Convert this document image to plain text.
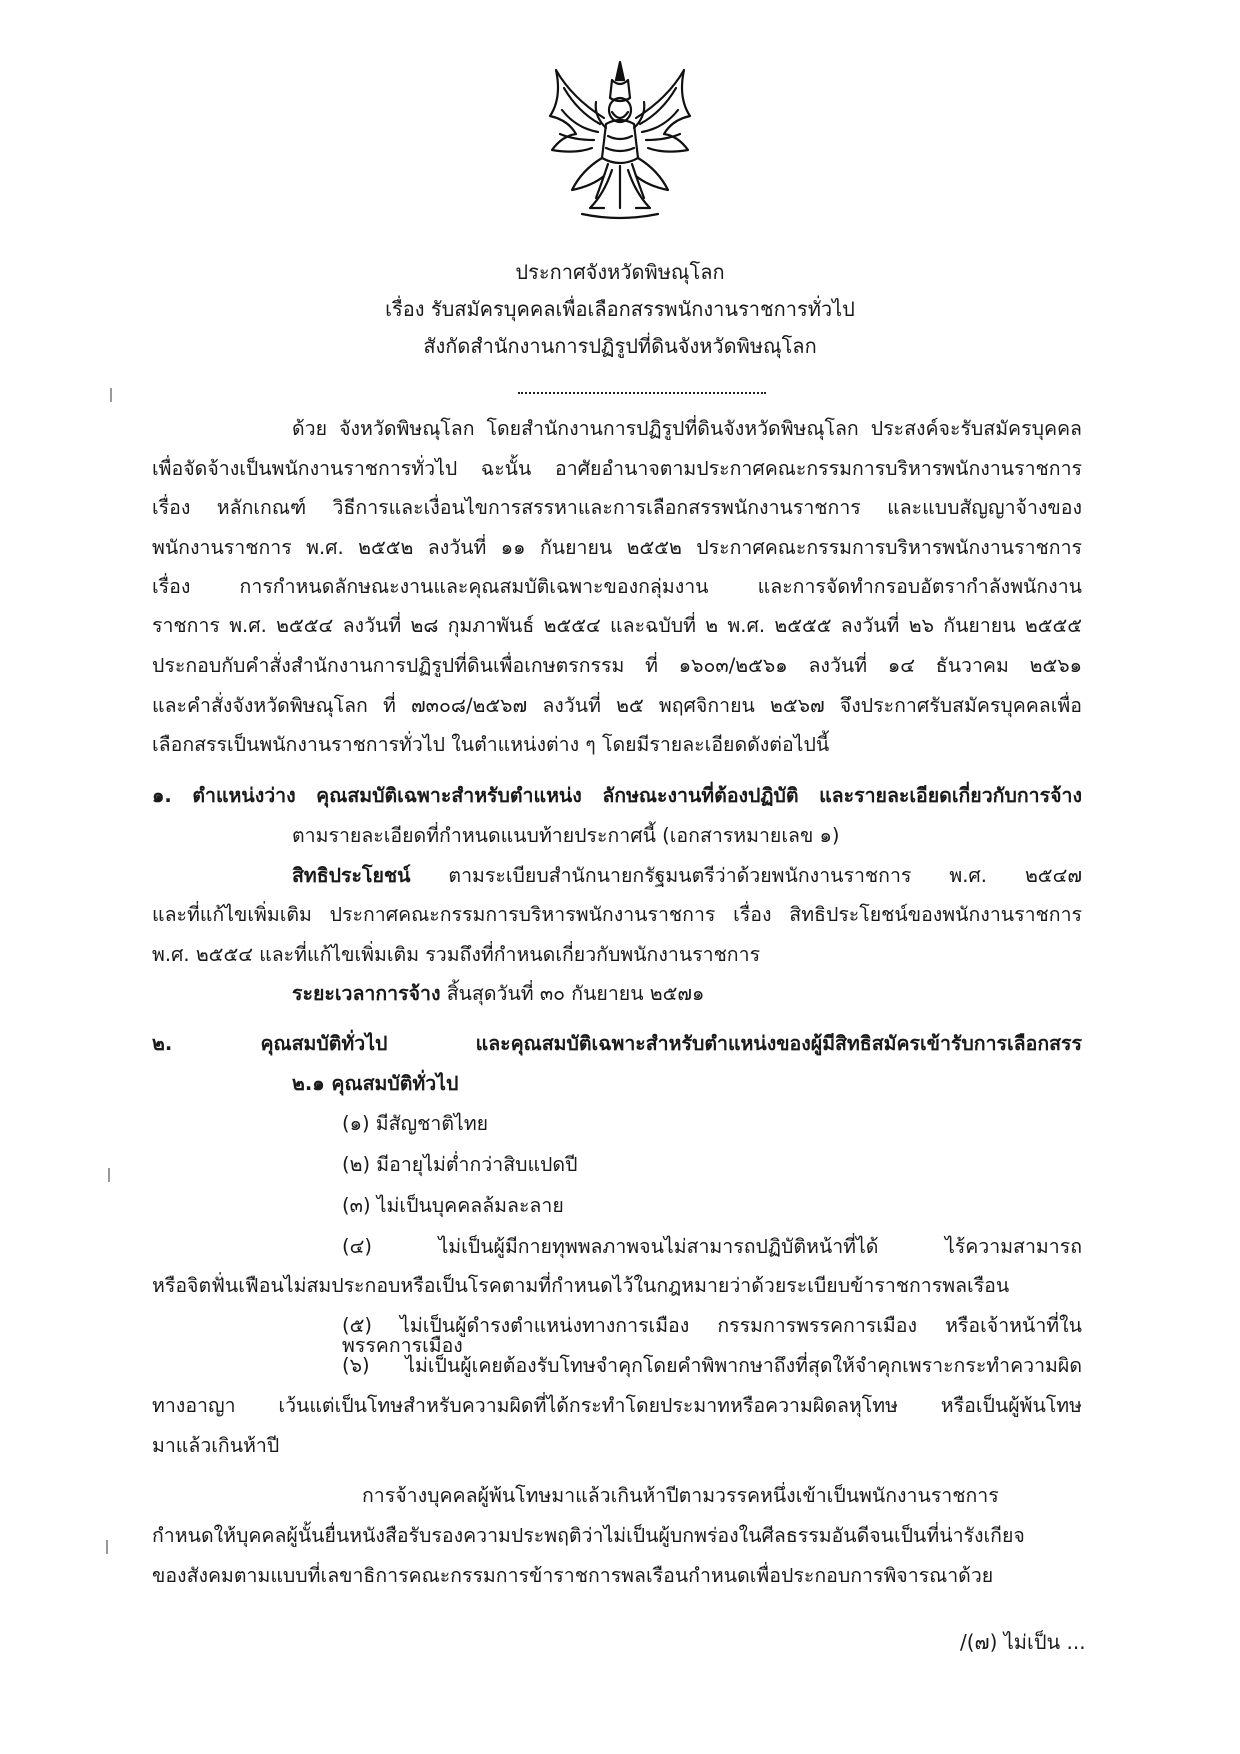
ประกาศจังหวัดพิษณุโลก
เรื่อง รับสมัครบุคคลเพื่อเลือกสรรพนักงานราชการทั่วไป
สังกัดสำนักงานการปฏิรูปที่ดินจังหวัดพิษณุโลก
ด้วย จังหวัดพิษณุโลก โดยสำนักงานการปฏิรูปที่ดินจังหวัดพิษณุโลก ประสงค์จะรับสมัครบุคคล
เพื่อจัดจ้างเป็นพนักงานราชการทั่วไป ฉะนั้น อาศัยอำนาจตามประกาศคณะกรรมการบริหารพนักงานราชการ
เรื่อง หลักเกณฑ์ วิธีการและเงื่อนไขการสรรหาและการเลือกสรรพนักงานราชการ และแบบสัญญาจ้างของ
พนักงานราชการ พ.ศ. ๒๕๕๒ ลงวันที่ ๑๑ กันยายน ๒๕๕๒ ประกาศคณะกรรมการบริหารพนักงานราชการ
เรื่อง การกำหนดลักษณะงานและคุณสมบัติเฉพาะของกลุ่มงาน และการจัดทำกรอบอัตรากำลังพนักงาน
ราชการ พ.ศ. ๒๕๕๔ ลงวันที่ ๒๘ กุมภาพันธ์ ๒๕๕๔ และฉบับที่ ๒ พ.ศ. ๒๕๕๕ ลงวันที่ ๒๖ กันยายน ๒๕๕๕
ประกอบกับคำสั่งสำนักงานการปฏิรูปที่ดินเพื่อเกษตรกรรม ที่ ๑๖๐๓/๒๕๖๑ ลงวันที่ ๑๔ ธันวาคม ๒๕๖๑
และคำสั่งจังหวัดพิษณุโลก ที่ ๗๓๐๘/๒๕๖๗ ลงวันที่ ๒๕ พฤศจิกายน ๒๕๖๗ จึงประกาศรับสมัครบุคคลเพื่อ
เลือกสรรเป็นพนักงานราชการทั่วไป ในตำแหน่งต่าง ๆ โดยมีรายละเอียดดังต่อไปนี้
๑. ตำแหน่งว่าง คุณสมบัติเฉพาะสำหรับตำแหน่ง ลักษณะงานที่ต้องปฏิบัติ และรายละเอียดเกี่ยวกับการจ้าง
ตามรายละเอียดที่กำหนดแนบท้ายประกาศนี้ (เอกสารหมายเลข ๑)
สิทธิประโยชน์ ตามระเบียบสำนักนายกรัฐมนตรีว่าด้วยพนักงานราชการ พ.ศ. ๒๕๔๗
และที่แก้ไขเพิ่มเติม ประกาศคณะกรรมการบริหารพนักงานราชการ เรื่อง สิทธิประโยชน์ของพนักงานราชการ
พ.ศ. ๒๕๕๔ และที่แก้ไขเพิ่มเติม รวมถึงที่กำหนดเกี่ยวกับพนักงานราชการ
ระยะเวลาการจ้าง สิ้นสุดวันที่ ๓๐ กันยายน ๒๕๗๑
๒. คุณสมบัติทั่วไป และคุณสมบัติเฉพาะสำหรับตำแหน่งของผู้มีสิทธิสมัครเข้ารับการเลือกสรร
๒.๑ คุณสมบัติทั่วไป
(๑) มีสัญชาติไทย
(๒) มีอายุไม่ต่ำกว่าสิบแปดปี
(๓) ไม่เป็นบุคคลล้มละลาย
(๔) ไม่เป็นผู้มีกายทุพพลภาพจนไม่สามารถปฏิบัติหน้าที่ได้ ไร้ความสามารถ
หรือจิตฟั่นเฟือนไม่สมประกอบหรือเป็นโรคตามที่กำหนดไว้ในกฎหมายว่าด้วยระเบียบข้าราชการพลเรือน
(๕) ไม่เป็นผู้ดำรงตำแหน่งทางการเมือง กรรมการพรรคการเมือง หรือเจ้าหน้าที่ในพรรคการเมือง
(๖) ไม่เป็นผู้เคยต้องรับโทษจำคุกโดยคำพิพากษาถึงที่สุดให้จำคุกเพราะกระทำความผิด
ทางอาญา เว้นแต่เป็นโทษสำหรับความผิดที่ได้กระทำโดยประมาทหรือความผิดลหุโทษ หรือเป็นผู้พ้นโทษ
มาแล้วเกินห้าปี
การจ้างบุคคลผู้พ้นโทษมาแล้วเกินห้าปีตามวรรคหนึ่งเข้าเป็นพนักงานราชการ
กำหนดให้บุคคลผู้นั้นยื่นหนังสือรับรองความประพฤติว่าไม่เป็นผู้บกพร่องในศีลธรรมอันดีจนเป็นที่น่ารังเกียจ
ของสังคมตามแบบที่เลขาธิการคณะกรรมการข้าราชการพลเรือนกำหนดเพื่อประกอบการพิจารณาด้วย
/(๗) ไม่เป็น ...
